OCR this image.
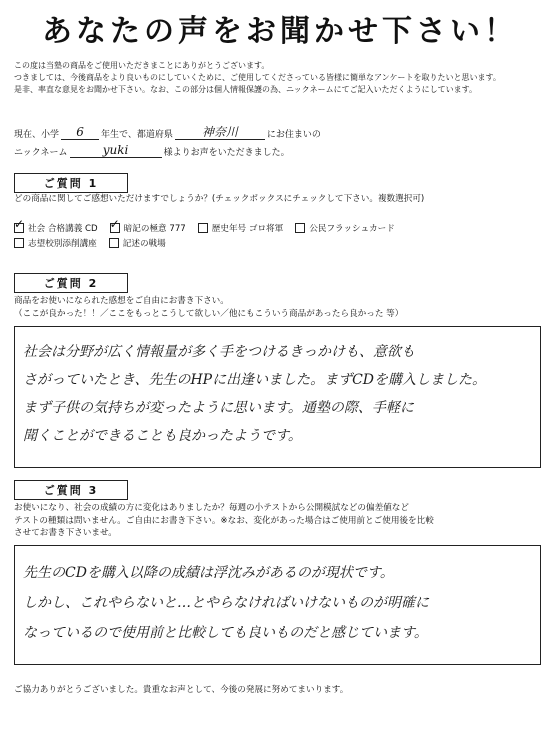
あなたの声をお聞かせ下さい！
この度は当塾の商品をご使用いただきまことにありがとうございます。
つきましては、今後商品をより良いものにしていくために、ご使用してくださっている皆様に簡単なアンケートを取りたいと思います。
是非、率直な意見をお聞かせ下さい。なお、この部分は個人情報保護の為、ニックネームにてご記入いただくようにしています。
現在、小学	6	年生で、都道府県	神奈川	にお住まいの
ニックネーム	yuki	様よりお声をいただきました。
ご質問 1
どの商品に関してご感想いただけますでしょうか？(チェックボックスにチェックして下さい。複数選択可)
✓
社会 合格講義 CD
✓	暗記の極意 777	歴史年号 ゴロ将軍	公民フラッシュカード
志望校別添削講座	記述の戦場
ご質問 2
商品をお使いになられた感想をご自由にお書き下さい。
（ここが良かった！！／ここをもっとこうして欲しい／他にもこういう商品があったら良かった 等）
社会は分野が広く情報量が多く手をつけるきっかけも、意欲も
さがっていたとき、先生のHPに出逢いました。まずCDを購入しました。
まず子供の気持ちが変ったように思います。通塾の際、手軽に
聞くことができることも良かったようです。
ご質問 3
お使いになり、社会の成績の方に変化はありましたか？毎週の小テストから公開模試などの偏差値など
テストの種類は問いません。ご自由にお書き下さい。※なお、変化があった場合はご使用前とご使用後を比較
させてお書き下さいませ。
先生のCDを購入以降の成績は浮沈みがあるのが現状です。
しかし、これやらないと…とやらなければいけないものが明確に
なっているので使用前と比較しても良いものだと感じています。
ご協力ありがとうございました。貴重なお声として、今後の発展に努めてまいります。
